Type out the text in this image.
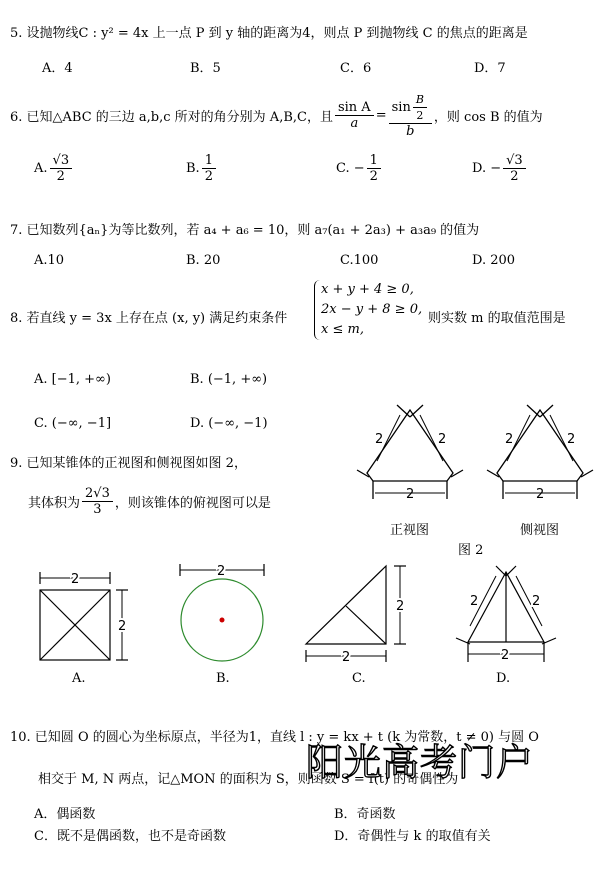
5. 设抛物线C : y² = 4x 上一点 P 到 y 轴的距离为4，则点 P 到抛物线 C 的焦点的距离是
A．4	B．5	C．6	D．7
6. 已知△ABC 的三边 a,b,c 所对的角分别为 A,B,C，且 $\frac{\text{sin A}}{a} = \frac{\sin \frac{B}{2}}{b}$ ，则 cos B 的值为
A. $\frac{√3}{2}$	B. $\frac{1}{2}$	C. − $\frac{1}{2}$	D. − $\frac{√3}{2}$
7. 已知数列{aₙ}为等比数列，若 a₄ + a₆ = 10，则 a₇(a₁ + 2a₃) + a₃a₉ 的值为
A.10	B. 20	C.100	D. 200
8. 若直线 y = 3x 上存在点 (x, y) 满足约束条件
x + y + 4 ≥ 0,
2x − y + 8 ≥ 0,
x ≤ m,
则实数 m 的取值范围是
A. [−1, +∞)	B. (−1, +∞)
C. (−∞, −1]	D. (−∞, −1)
9. 已知某锥体的正视图和侧视图如图 2，
其体积为 $\frac{2√3}{3}$ ，则该锥体的俯视图可以是
2	2
2
2	2
2
正视图	侧视图
图 2
2
2
2
2
2
2	2
2
A.	B.	C.	D.
10. 已知圆 O 的圆心为坐标原点，半径为1，直线 l : y = kx + t (k 为常数，t ≠ 0) 与圆 O
相交于 M, N 两点，记△MON 的面积为 S，则函数 S = f(t) 的奇偶性为
阳光高考门户
A．偶函数	B．奇函数
C．既不是偶函数，也不是奇函数	D．奇偶性与 k 的取值有关
